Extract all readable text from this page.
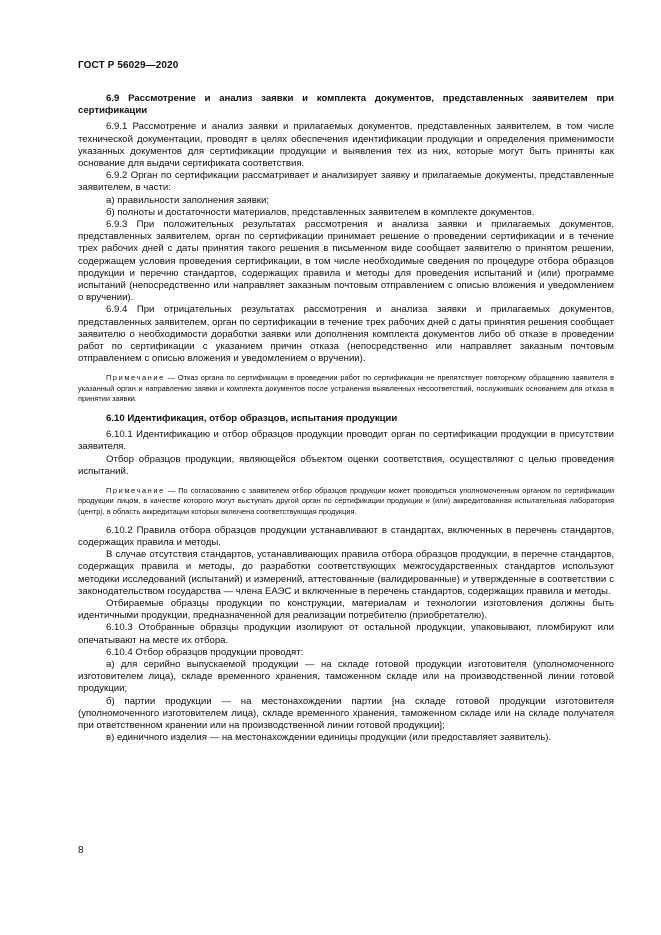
ГОСТ Р 56029—2020

6.9 Рассмотрение и анализ заявки и комплекта документов, представленных заявителем при сертификации

6.9.1 Рассмотрение и анализ заявки и прилагаемых документов, представленных заявителем, в том числе технической документации, проводят в целях обеспечения идентификации продукции и определения применимости указанных документов для сертификации продукции и выявления тех из них, которые могут быть приняты как основание для выдачи сертификата соответствия.

6.9.2 Орган по сертификации рассматривает и анализирует заявку и прилагаемые документы, представленные заявителем, в части:

а) правильности заполнения заявки;

б) полноты и достаточности материалов, представленных заявителем в комплекте документов.

6.9.3 При положительных результатах рассмотрения и анализа заявки и прилагаемых документов, представленных заявителем, орган по сертификации принимает решение о проведении сертификации и в течение трех рабочих дней с даты принятия такого решения в письменном виде сообщает заявителю о принятом решении, содержащем условия проведения сертификации, в том числе необходимые сведения по процедуре отбора образцов продукции и перечню стандартов, содержащих правила и методы для проведения испытаний и (или) программе испытаний (непосредственно или направляет заказным почтовым отправлением с описью вложения и уведомлением о вручении).

6.9.4 При отрицательных результатах рассмотрения и анализа заявки и прилагаемых документов, представленных заявителем, орган по сертификации в течение трех рабочих дней с даты принятия решения сообщает заявителю о необходимости доработки заявки или дополнения комплекта документов либо об отказе в проведении работ по сертификации с указанием причин отказа (непосредственно или направляет заказным почтовым отправлением с описью вложения и уведомлением о вручении).

Примечание — Отказ органа по сертификации в проведении работ по сертификации не препятствует повторному обращению заявителя в указанный орган и направлению заявки и комплекта документов после устранения выявленных несоответствий, послуживших основанием для отказа в принятии заявки.

6.10 Идентификация, отбор образцов, испытания продукции

6.10.1 Идентификацию и отбор образцов продукции проводит орган по сертификации продукции в присутствии заявителя.

Отбор образцов продукции, являющейся объектом оценки соответствия, осуществляют с целью проведения испытаний.

Примечание — По согласованию с заявителем отбор образцов продукции может проводиться уполномоченным органом по сертификации продукции лицом, в качестве которого могут выступать другой орган по сертификации продукции и (или) аккредитованная испытательная лаборатория (центр), в область аккредитации которых включена соответствующая продукция.

6.10.2 Правила отбора образцов продукции устанавливают в стандартах, включенных в перечень стандартов, содержащих правила и методы.

В случае отсутствия стандартов, устанавливающих правила отбора образцов продукции, в перечне стандартов, содержащих правила и методы, до разработки соответствующих межгосударственных стандартов используют методики исследований (испытаний) и измерений, аттестованные (валидированные) и утвержденные в соответствии с законодательством государства — члена ЕАЭС и включенные в перечень стандартов, содержащих правила и методы.

Отбираемые образцы продукции по конструкции, материалам и технологии изготовления должны быть идентичными продукции, предназначенной для реализации потребителю (приобретателю).

6.10.3 Отобранные образцы продукции изолируют от остальной продукции, упаковывают, пломбируют или опечатывают на месте их отбора.

6.10.4 Отбор образцов продукции проводят:

а) для серийно выпускаемой продукции — на складе готовой продукции изготовителя (уполномоченного изготовителем лица), складе временного хранения, таможенном складе или на производственной линии готовой продукции;

б) партии продукции — на местонахождении партии [на складе готовой продукции изготовителя (уполномоченного изготовителем лица), складе временного хранения, таможенном складе или на складе получателя при ответственном хранении или на производственной линии готовой продукции];

в) единичного изделия — на местонахождении единицы продукции (или предоставляет заявитель).

8
